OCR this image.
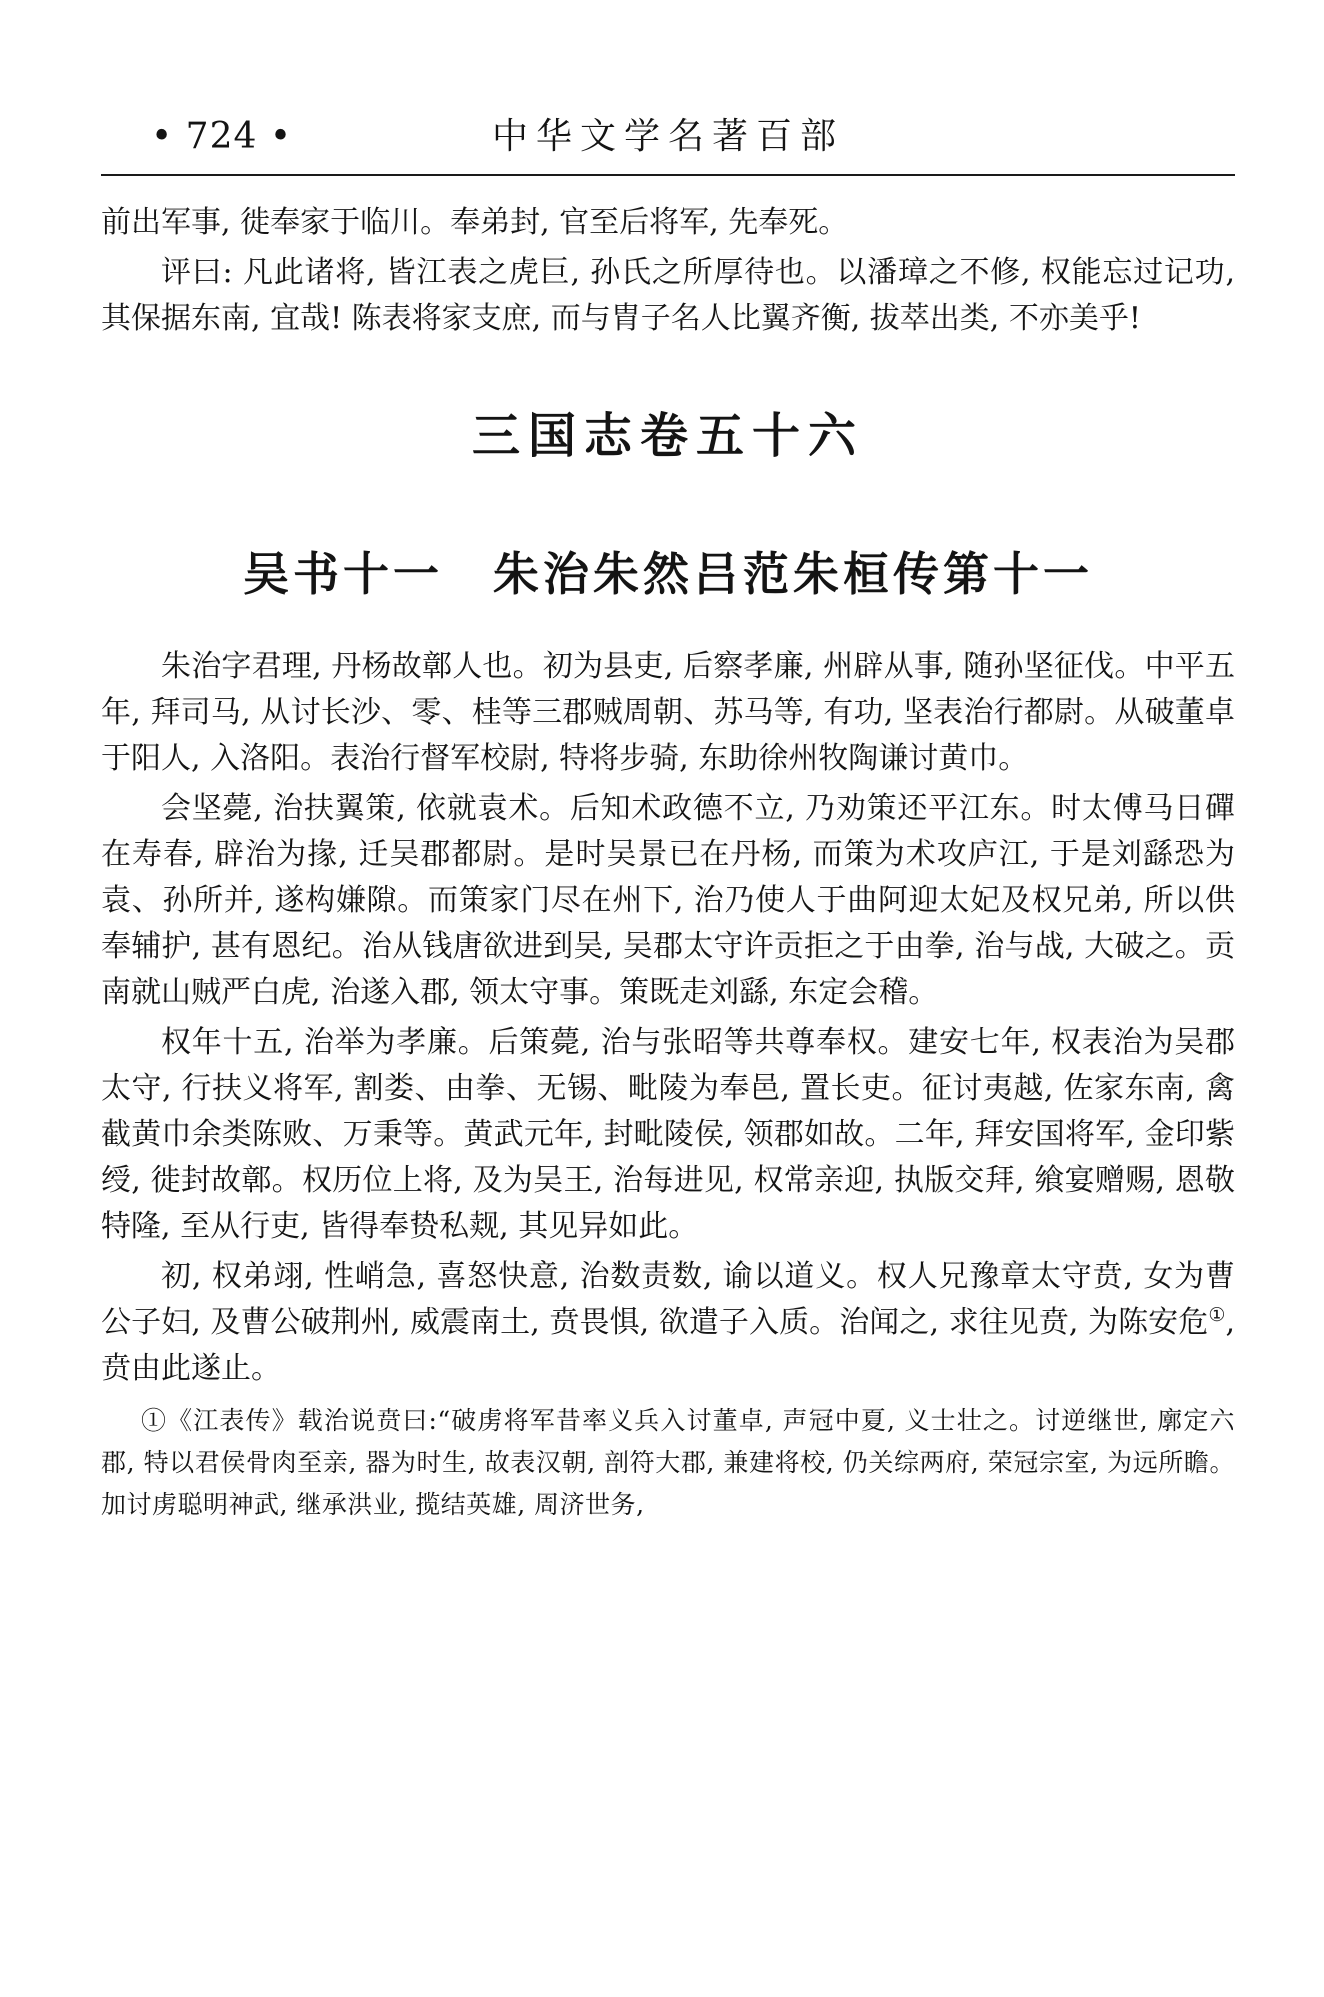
• 724 •	中华文学名著百部

前出军事, 徙奉家于临川。奉弟封, 官至后将军, 先奉死。

评曰: 凡此诸将, 皆江表之虎巨, 孙氏之所厚待也。以潘璋之不修, 权能忘过记功, 其保据东南, 宜哉! 陈表将家支庶, 而与胄子名人比翼齐衡, 拔萃出类, 不亦美乎!

三国志卷五十六
吴书十一　朱治朱然吕范朱桓传第十一

朱治字君理, 丹杨故鄣人也。初为县吏, 后察孝廉, 州辟从事, 随孙坚征伐。中平五年, 拜司马, 从讨长沙、零、桂等三郡贼周朝、苏马等, 有功, 坚表治行都尉。从破董卓于阳人, 入洛阳。表治行督军校尉, 特将步骑, 东助徐州牧陶谦讨黄巾。

会坚薨, 治扶翼策, 依就袁术。后知术政德不立, 乃劝策还平江东。时太傅马日磾在寿春, 辟治为掾, 迁吴郡都尉。是时吴景已在丹杨, 而策为术攻庐江, 于是刘繇恐为袁、孙所并, 遂构嫌隙。而策家门尽在州下, 治乃使人于曲阿迎太妃及权兄弟, 所以供奉辅护, 甚有恩纪。治从钱唐欲进到吴, 吴郡太守许贡拒之于由拳, 治与战, 大破之。贡南就山贼严白虎, 治遂入郡, 领太守事。策既走刘繇, 东定会稽。

权年十五, 治举为孝廉。后策薨, 治与张昭等共尊奉权。建安七年, 权表治为吴郡太守, 行扶义将军, 割娄、由拳、无锡、毗陵为奉邑, 置长吏。征讨夷越, 佐家东南, 禽截黄巾余类陈败、万秉等。黄武元年, 封毗陵侯, 领郡如故。二年, 拜安国将军, 金印紫绶, 徙封故鄣。权历位上将, 及为吴王, 治每进见, 权常亲迎, 执版交拜, 飨宴赠赐, 恩敬特隆, 至从行吏, 皆得奉贽私觌, 其见异如此。

初, 权弟翊, 性峭急, 喜怒快意, 治数责数, 谕以道义。权人兄豫章太守贲, 女为曹公子妇, 及曹公破荆州, 威震南土, 贲畏惧, 欲遣子入质。治闻之, 求往见贲, 为陈安危①, 贲由此遂止。

①《江表传》载治说贲曰:“破虏将军昔率义兵入讨董卓, 声冠中夏, 义士壮之。讨逆继世, 廓定六郡, 特以君侯骨肉至亲, 器为时生, 故表汉朝, 剖符大郡, 兼建将校, 仍关综两府, 荣冠宗室, 为远所瞻。加讨虏聪明神武, 继承洪业, 揽结英雄, 周济世务,
